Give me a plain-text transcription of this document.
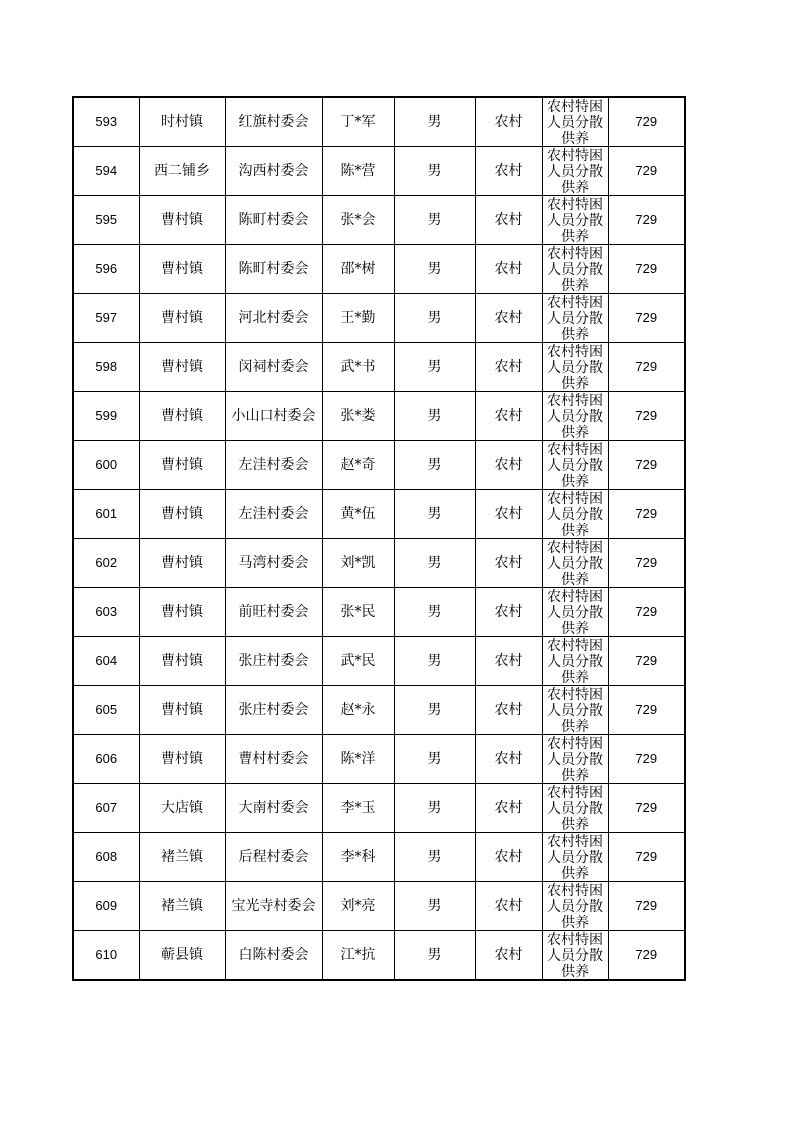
593	时村镇	红旗村委会	丁*军	男	农村	农村特困人员分散供养	729
594	西二铺乡	沟西村委会	陈*营	男	农村	农村特困人员分散供养	729
595	曹村镇	陈町村委会	张*会	男	农村	农村特困人员分散供养	729
596	曹村镇	陈町村委会	邵*树	男	农村	农村特困人员分散供养	729
597	曹村镇	河北村委会	王*勤	男	农村	农村特困人员分散供养	729
598	曹村镇	闵祠村委会	武*书	男	农村	农村特困人员分散供养	729
599	曹村镇	小山口村委会	张*娄	男	农村	农村特困人员分散供养	729
600	曹村镇	左洼村委会	赵*奇	男	农村	农村特困人员分散供养	729
601	曹村镇	左洼村委会	黄*伍	男	农村	农村特困人员分散供养	729
602	曹村镇	马湾村委会	刘*凯	男	农村	农村特困人员分散供养	729
603	曹村镇	前旺村委会	张*民	男	农村	农村特困人员分散供养	729
604	曹村镇	张庄村委会	武*民	男	农村	农村特困人员分散供养	729
605	曹村镇	张庄村委会	赵*永	男	农村	农村特困人员分散供养	729
606	曹村镇	曹村村委会	陈*洋	男	农村	农村特困人员分散供养	729
607	大店镇	大南村委会	李*玉	男	农村	农村特困人员分散供养	729
608	褚兰镇	后程村委会	李*科	男	农村	农村特困人员分散供养	729
609	褚兰镇	宝光寺村委会	刘*亮	男	农村	农村特困人员分散供养	729
610	蕲县镇	白陈村委会	江*抗	男	农村	农村特困人员分散供养	729
